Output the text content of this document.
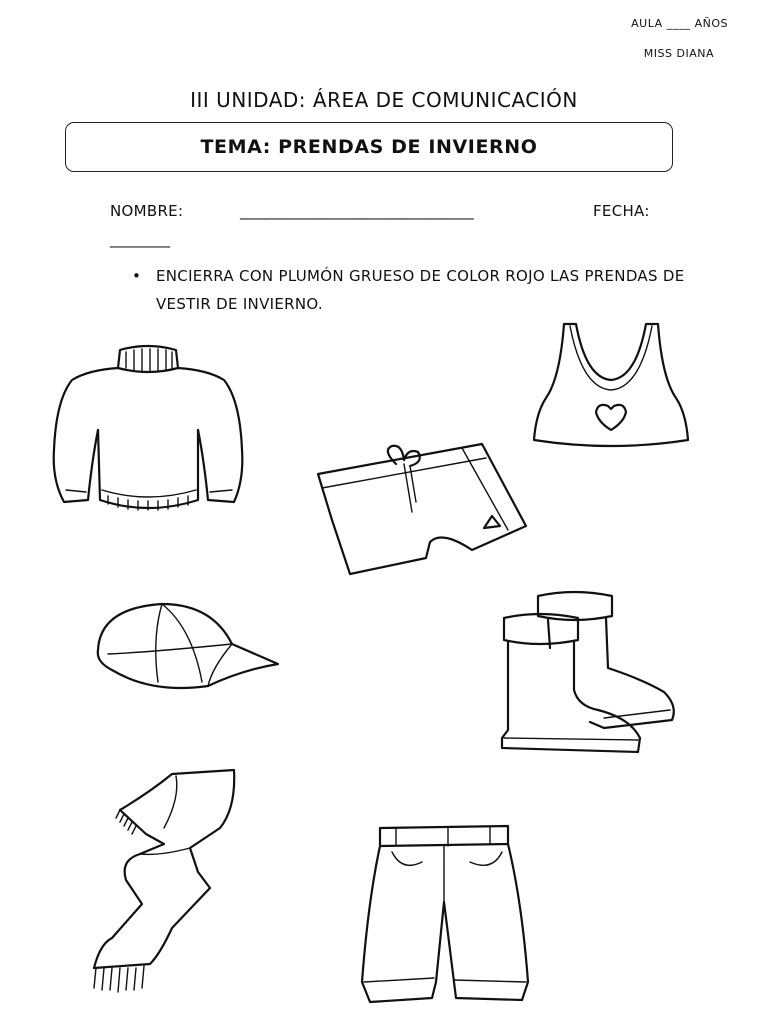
AULA ____ AÑOS
MISS DIANA
III UNIDAD: ÁREA DE COMUNICACIÓN
TEMA: PRENDAS DE INVIERNO
NOMBRE:	______________________________	FECHA:
________
• ENCIERRA CON PLUMÓN GRUESO DE COLOR ROJO LAS PRENDAS DE VESTIR DE INVIERNO.
